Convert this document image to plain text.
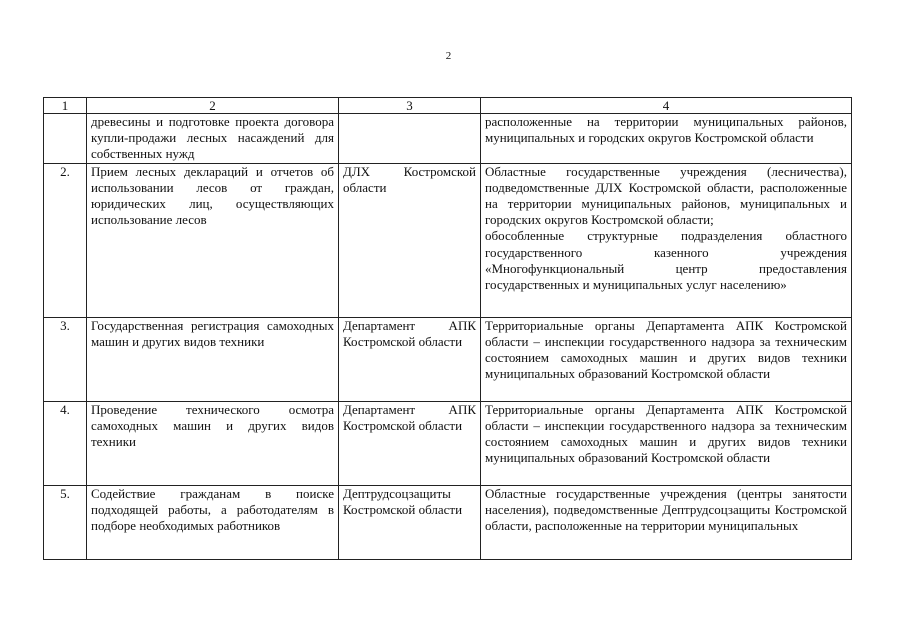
2
1	2	3	4
	древесины и подготовке проекта договора купли-продажи лесных насаждений для собственных нужд		расположенные на территории муниципальных районов, муниципальных и городских округов Костромской области
2.	Прием лесных деклараций и отчетов об использовании лесов от граждан, юридических лиц, осуществляющих использование лесов	ДЛХ Костромской области	Областные государственные учреждения (лесничества), подведомственные ДЛХ Костромской области, расположенные на территории муниципальных районов, муниципальных и городских округов Костромской области;
обособленные структурные подразделения областного государственного казенного учреждения «Многофункциональный центр предоставления государственных и муниципальных услуг населению»

3.	Государственная регистрация самоходных машин и других видов техники	Департамент АПК Костромской области	Территориальные органы Департамента АПК Костромской области – инспекции государственного надзора за техническим состоянием самоходных машин и других видов техники муниципальных образований Костромской области
4.	Проведение технического осмотра самоходных машин и других видов техники	Департамент АПК Костромской области	Территориальные органы Департамента АПК Костромской области – инспекции государственного надзора за техническим состоянием самоходных машин и других видов техники муниципальных образований Костромской области
5.	Содействие гражданам в поиске подходящей работы, а работодателям в подборе необходимых работников	Дептрудсоцзащиты Костромской области	Областные государственные учреждения (центры занятости населения), подведомственные Дептрудсоцзащиты Костромской области, расположенные на территории муниципальных
